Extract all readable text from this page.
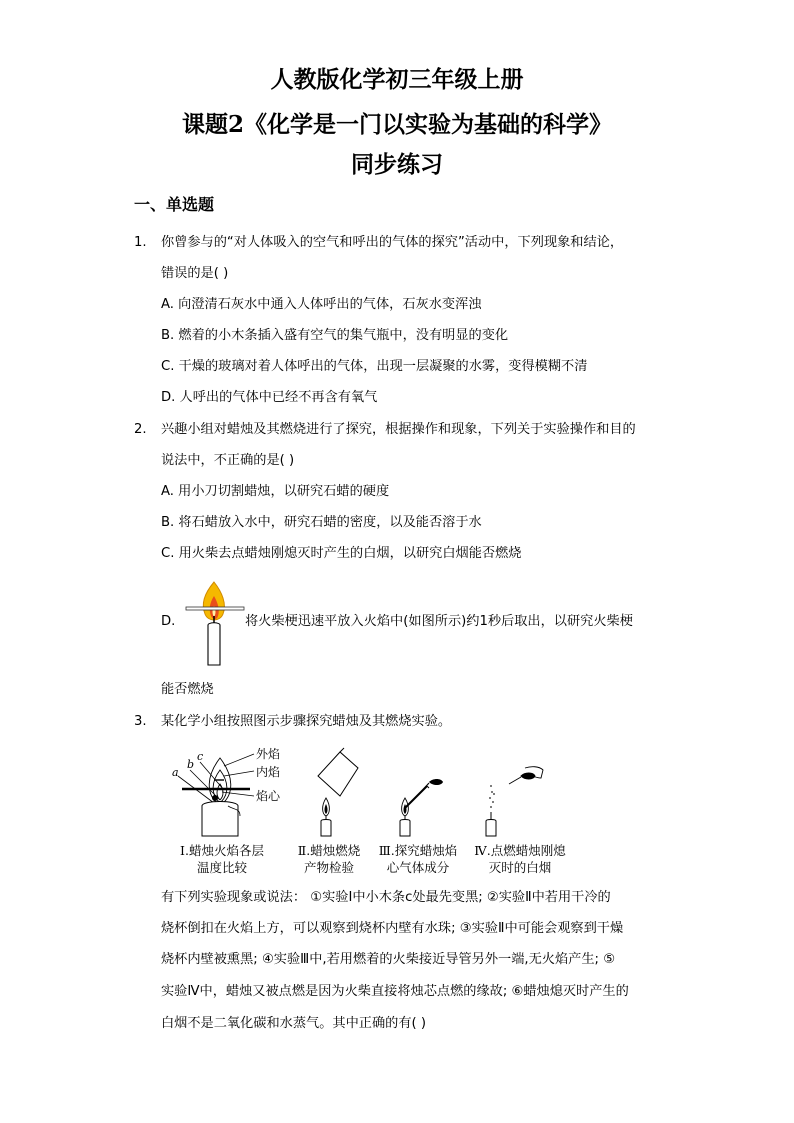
人教版化学初三年级上册
课题2《化学是一门以实验为基础的科学》
同步练习
一、单选题
1. 你曾参与的“对人体吸入的空气和呼出的气体的探究”活动中，下列现象和结论，
错误的是( )
A. 向澄清石灰水中通入人体呼出的气体，石灰水变浑浊
B. 燃着的小木条插入盛有空气的集气瓶中，没有明显的变化
C. 干燥的玻璃对着人体呼出的气体，出现一层凝聚的水雾，变得模糊不清
D. 人呼出的气体中已经不再含有氧气
2. 兴趣小组对蜡烛及其燃烧进行了探究，根据操作和现象，下列关于实验操作和目的
说法中，不正确的是( )
A. 用小刀切割蜡烛，以研究石蜡的硬度
B. 将石蜡放入水中，研究石蜡的密度，以及能否溶于水
C. 用火柴去点蜡烛刚熄灭时产生的白烟，以研究白烟能否燃烧
D.	将火柴梗迅速平放入火焰中(如图所示)约1秒后取出，以研究火柴梗
能否燃烧
3. 某化学小组按照图示步骤探究蜡烛及其燃烧实验。
a
b
c	外焰
内焰
焰心
Ⅰ.蜡烛火焰各层
温度比较
Ⅱ.蜡烛燃烧
产物检验
Ⅲ.探究蜡烛焰
心气体成分
Ⅳ.点燃蜡烛刚熄
灭时的白烟
有下列实验现象或说法： ①实验Ⅰ中小木条c处最先变黑; ②实验Ⅱ中若用干冷的
烧杯倒扣在火焰上方，可以观察到烧杯内壁有水珠; ③实验Ⅱ中可能会观察到干燥
烧杯内壁被熏黑; ④实验Ⅲ中,若用燃着的火柴接近导管另外一端,无火焰产生; ⑤
实验Ⅳ中，蜡烛又被点燃是因为火柴直接将烛芯点燃的缘故; ⑥蜡烛熄灭时产生的
白烟不是二氧化碳和水蒸气。其中正确的有( )
